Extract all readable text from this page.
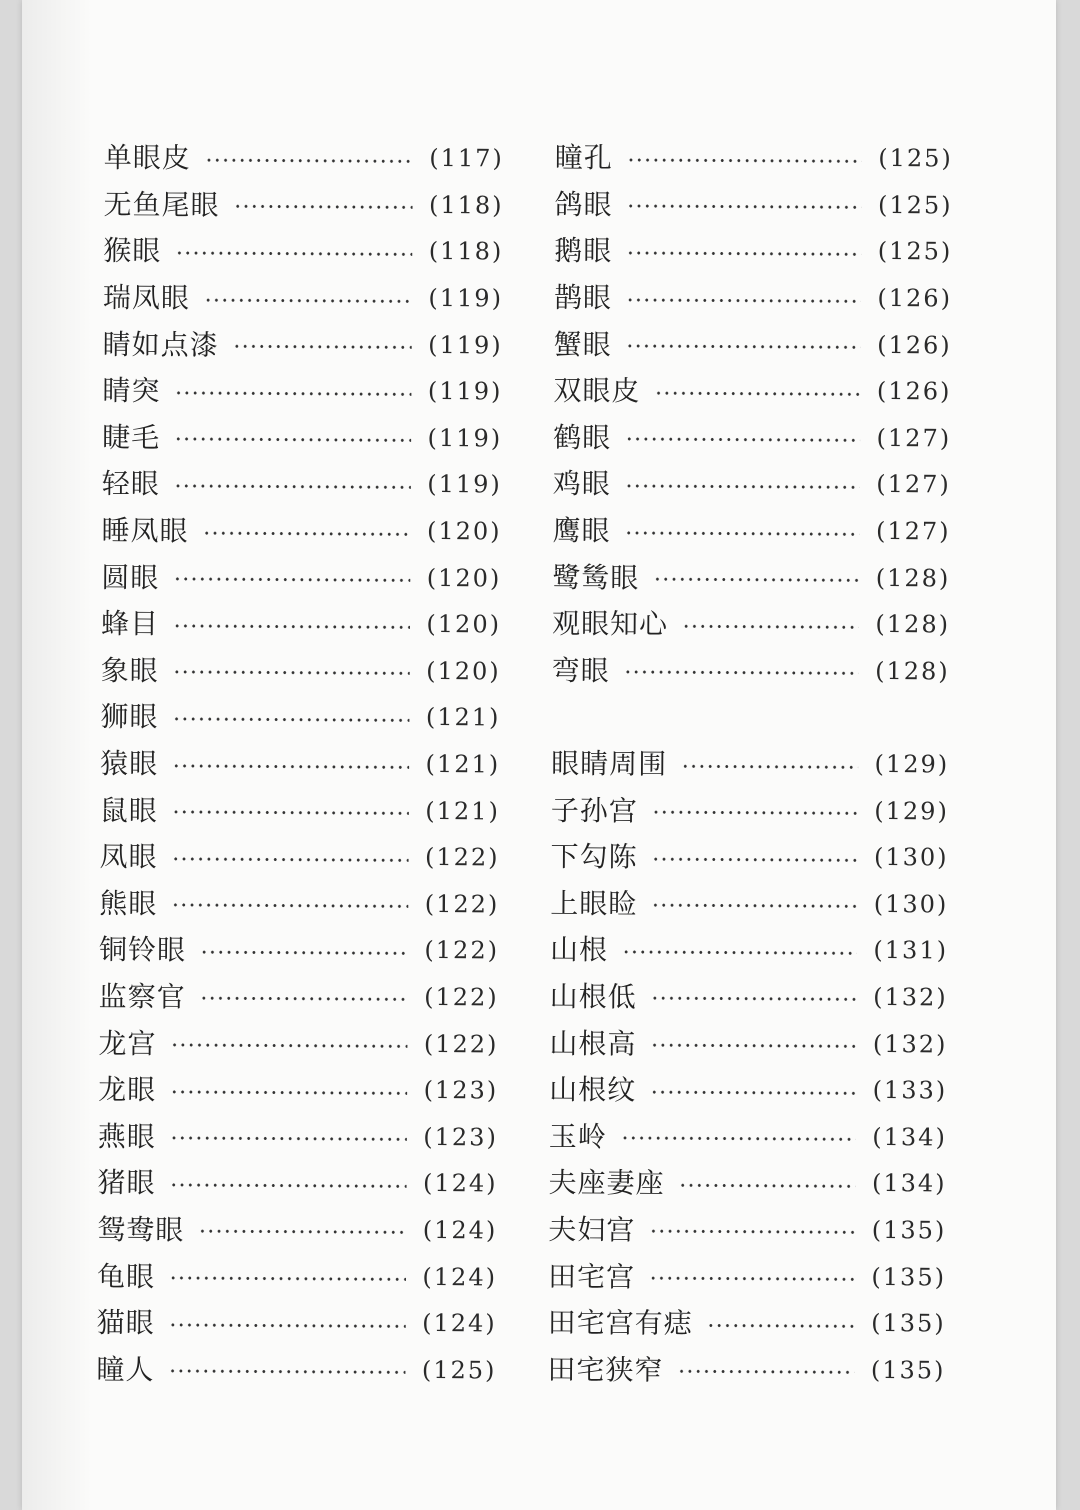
单眼皮	(117)
无鱼尾眼	(118)
猴眼	(118)
瑞凤眼	(119)
睛如点漆	(119)
睛突	(119)
睫毛	(119)
轻眼	(119)
睡凤眼	(120)
圆眼	(120)
蜂目	(120)
象眼	(120)
狮眼	(121)
猿眼	(121)
鼠眼	(121)
凤眼	(122)
熊眼	(122)
铜铃眼	(122)
监察官	(122)
龙宫	(122)
龙眼	(123)
燕眼	(123)
猪眼	(124)
鸳鸯眼	(124)
龟眼	(124)
猫眼	(124)
瞳人	(125)
瞳孔	(125)
鸽眼	(125)
鹅眼	(125)
鹊眼	(126)
蟹眼	(126)
双眼皮	(126)
鹤眼	(127)
鸡眼	(127)
鹰眼	(127)
鹭鸶眼	(128)
观眼知心	(128)
弯眼	(128)
眼睛周围	(129)
子孙宫	(129)
下勾陈	(130)
上眼睑	(130)
山根	(131)
山根低	(132)
山根高	(132)
山根纹	(133)
玉岭	(134)
夫座妻座	(134)
夫妇宫	(135)
田宅宫	(135)
田宅宫有痣	(135)
田宅狭窄	(135)
